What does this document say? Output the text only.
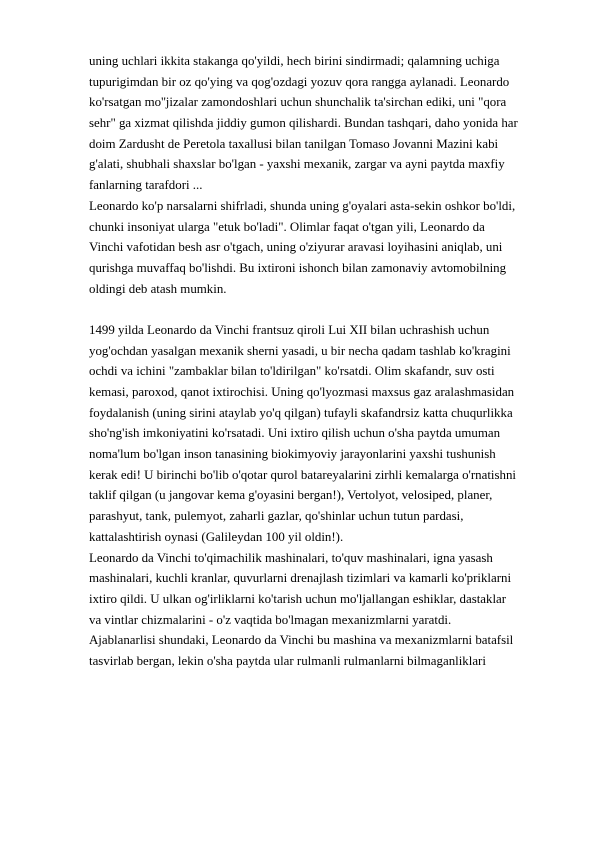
uning uchlari ikkita stakanga qo'yildi, hech birini sindirmadi; qalamning uchiga
tupurigimdan bir oz qo'ying va qog'ozdagi yozuv qora rangga aylanadi. Leonardo
ko'rsatgan mo''jizalar zamondoshlari uchun shunchalik ta'sirchan ediki, uni "qora
sehr" ga xizmat qilishda jiddiy gumon qilishardi. Bundan tashqari, daho yonida har
doim Zardusht de Peretola taxallusi bilan tanilgan Tomaso Jovanni Mazini kabi
g'alati, shubhali shaxslar bo'lgan - yaxshi mexanik, zargar va ayni paytda maxfiy
fanlarning tarafdori ...
Leonardo ko'p narsalarni shifrladi, shunda uning g'oyalari asta-sekin oshkor bo'ldi,
chunki insoniyat ularga "etuk bo'ladi". Olimlar faqat o'tgan yili, Leonardo da
Vinchi vafotidan besh asr o'tgach, uning o'ziyurar aravasi loyihasini aniqlab, uni
qurishga muvaffaq bo'lishdi. Bu ixtironi ishonch bilan zamonaviy avtomobilning
oldingi deb atash mumkin.
1499 yilda Leonardo da Vinchi frantsuz qiroli Lui XII bilan uchrashish uchun
yog'ochdan yasalgan mexanik sherni yasadi, u bir necha qadam tashlab ko'kragini
ochdi va ichini "zambaklar bilan to'ldirilgan" ko'rsatdi. Olim skafandr, suv osti
kemasi, paroxod, qanot ixtirochisi. Uning qo'lyozmasi maxsus gaz aralashmasidan
foydalanish (uning sirini ataylab yo'q qilgan) tufayli skafandrsiz katta chuqurlikka
sho'ng'ish imkoniyatini ko'rsatadi. Uni ixtiro qilish uchun o'sha paytda umuman
noma'lum bo'lgan inson tanasining biokimyoviy jarayonlarini yaxshi tushunish
kerak edi! U birinchi bo'lib o'qotar qurol batareyalarini zirhli kemalarga o'rnatishni
taklif qilgan (u jangovar kema g'oyasini bergan!), Vertolyot, velosiped, planer,
parashyut, tank, pulemyot, zaharli gazlar, qo'shinlar uchun tutun pardasi,
kattalashtirish oynasi (Galileydan 100 yil oldin!).
Leonardo da Vinchi to'qimachilik mashinalari, to'quv mashinalari, igna yasash
mashinalari, kuchli kranlar, quvurlarni drenajlash tizimlari va kamarli ko'priklarni
ixtiro qildi. U ulkan og'irliklarni ko'tarish uchun mo'ljallangan eshiklar, dastaklar
va vintlar chizmalarini - o'z vaqtida bo'lmagan mexanizmlarni yaratdi.
Ajablanarlisi shundaki, Leonardo da Vinchi bu mashina va mexanizmlarni batafsil
tasvirlab bergan, lekin o'sha paytda ular rulmanli rulmanlarni bilmaganliklari
